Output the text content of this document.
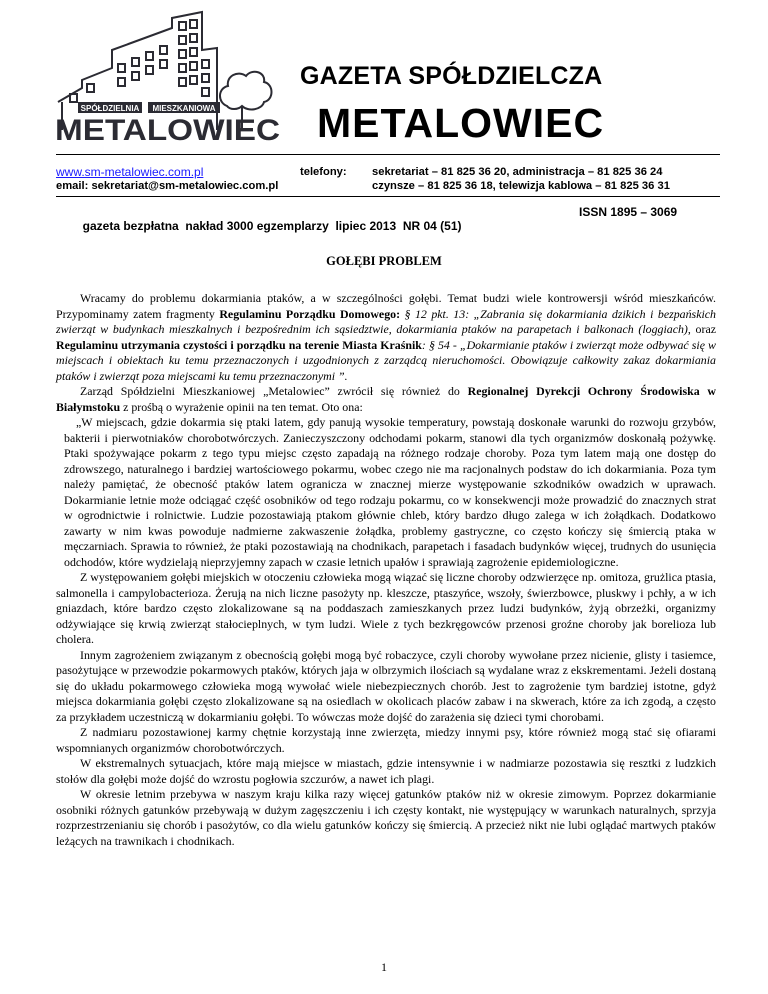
SPÓŁDZIELNIA MIESZKANIOWA
METALOWIEC
GAZETA SPÓŁDZIELCZA
METALOWIEC
www.sm-metalowiec.com.pl
email: sekretariat@sm-metalowiec.com.pl
telefony: sekretariat – 81 825 36 20, administracja – 81 825 36 24
czynsze – 81 825 36 18, telewizja kablowa – 81 825 36 31

gazeta bezpłatna  nakład 3000 egzemplarzy  lipiec 2013  NR 04 (51)

ISSN 1895 – 3069

GOŁĘBI PROBLEM

Wracamy do problemu dokarmiania ptaków, a w szczególności gołębi. Temat budzi wiele kontrowersji wśród mieszkańców. Przypominamy zatem fragmenty Regulaminu Porządku Domowego: § 12 pkt. 13: „Zabrania się dokarmiania dzikich i bezpańskich zwierząt w budynkach mieszkalnych i bezpośrednim ich sąsiedztwie, dokarmiania ptaków na parapetach i balkonach (loggiach), oraz Regulaminu utrzymania czystości i porządku na terenie Miasta Kraśnik: § 54 - „Dokarmianie ptaków i zwierząt może odbywać się w miejscach i obiektach ku temu przeznaczonych i uzgodnionych z zarządcą nieruchomości. Obowiązuje całkowity zakaz dokarmiania ptaków i zwierząt poza miejscami ku temu przeznaczonymi ”.

Zarząd Spółdzielni Mieszkaniowej „Metalowiec” zwrócił się również do Regionalnej Dyrekcji Ochrony Środowiska w Białymstoku z prośbą o wyrażenie opinii na ten temat. Oto ona:

„W miejscach, gdzie dokarmia się ptaki latem, gdy panują wysokie temperatury, powstają doskonałe warunki do rozwoju grzybów, bakterii i pierwotniaków chorobotwórczych. Zanieczyszczony odchodami pokarm, stanowi dla tych organizmów doskonałą pożywkę. Ptaki spożywające pokarm z tego typu miejsc często zapadają na różnego rodzaje choroby. Poza tym latem mają one dostęp do zdrowszego, naturalnego i bardziej wartościowego pokarmu, wobec czego nie ma racjonalnych podstaw do ich dokarmiania. Poza tym należy pamiętać, że obecność ptaków latem ogranicza w znacznej mierze występowanie szkodników owadzich w uprawach. Dokarmianie letnie może odciągać część osobników od tego rodzaju pokarmu, co w konsekwencji może prowadzić do znacznych strat w ogrodnictwie i rolnictwie. Ludzie pozostawiają ptakom głównie chleb, który bardzo długo zalega w ich żołądkach. Dodatkowo zawarty w nim kwas powoduje nadmierne zakwaszenie żołądka, problemy gastryczne, co często kończy się śmiercią ptaka w męczarniach. Sprawia to również, że ptaki pozostawiają na chodnikach, parapetach i fasadach budynków więcej, trudnych do usunięcia odchodów, które wydzielają nieprzyjemny zapach w czasie letnich upałów i sprawiają zagrożenie epidemiologiczne.

Z występowaniem gołębi miejskich w otoczeniu człowieka mogą wiązać się liczne choroby odzwierzęce np. omitoza, grużlica ptasia, salmonella i campylobacterioza. Żerują na nich liczne pasożyty np. kleszcze, ptaszyńce, wszoły, świerzbowce, pluskwy i pchły, a w ich gniazdach, które bardzo często zlokalizowane są na poddaszach zamieszkanych przez ludzi budynków, żyją obrzeżki, organizmy odżywiające się krwią zwierząt stałocieplnych, w tym ludzi. Wiele z tych bezkręgowców przenosi groźne choroby jak borelioza lub cholera.

Innym zagrożeniem związanym z obecnością gołębi mogą być robaczyce, czyli choroby wywołane przez nicienie, glisty i tasiemce, pasożytujące w przewodzie pokarmowych ptaków, których jaja w olbrzymich ilościach są wydalane wraz z ekskrementami. Jeżeli dostaną się do układu pokarmowego człowieka mogą wywołać wiele niebezpiecznych chorób. Jest to zagrożenie tym bardziej istotne, gdyż miejsca dokarmiania gołębi często zlokalizowane są na osiedlach w okolicach placów zabaw i na skwerach, które za ich zgodą, a często za przykładem uczestniczą w dokarmianiu gołębi. To wówczas może dojść do zarażenia się dzieci tymi chorobami.

Z nadmiaru pozostawionej karmy chętnie korzystają inne zwierzęta, miedzy innymi psy, które również mogą stać się ofiarami wspomnianych organizmów chorobotwórczych.

W ekstremalnych sytuacjach, które mają miejsce w miastach, gdzie intensywnie i w nadmiarze pozostawia się resztki z ludzkich stołów dla gołębi może dojść do wzrostu pogłowia szczurów, a nawet ich plagi.

W okresie letnim przebywa w naszym kraju kilka razy więcej gatunków ptaków niż w okresie zimowym. Poprzez dokarmianie osobniki różnych gatunków przebywają w dużym zagęszczeniu i ich częsty kontakt, nie występujący w warunkach naturalnych, sprzyja rozprzestrzenianiu się chorób i pasożytów, co dla wielu gatunków kończy się śmiercią. A przecież nikt nie lubi oglądać martwych ptaków leżących na trawnikach i chodnikach.

1
